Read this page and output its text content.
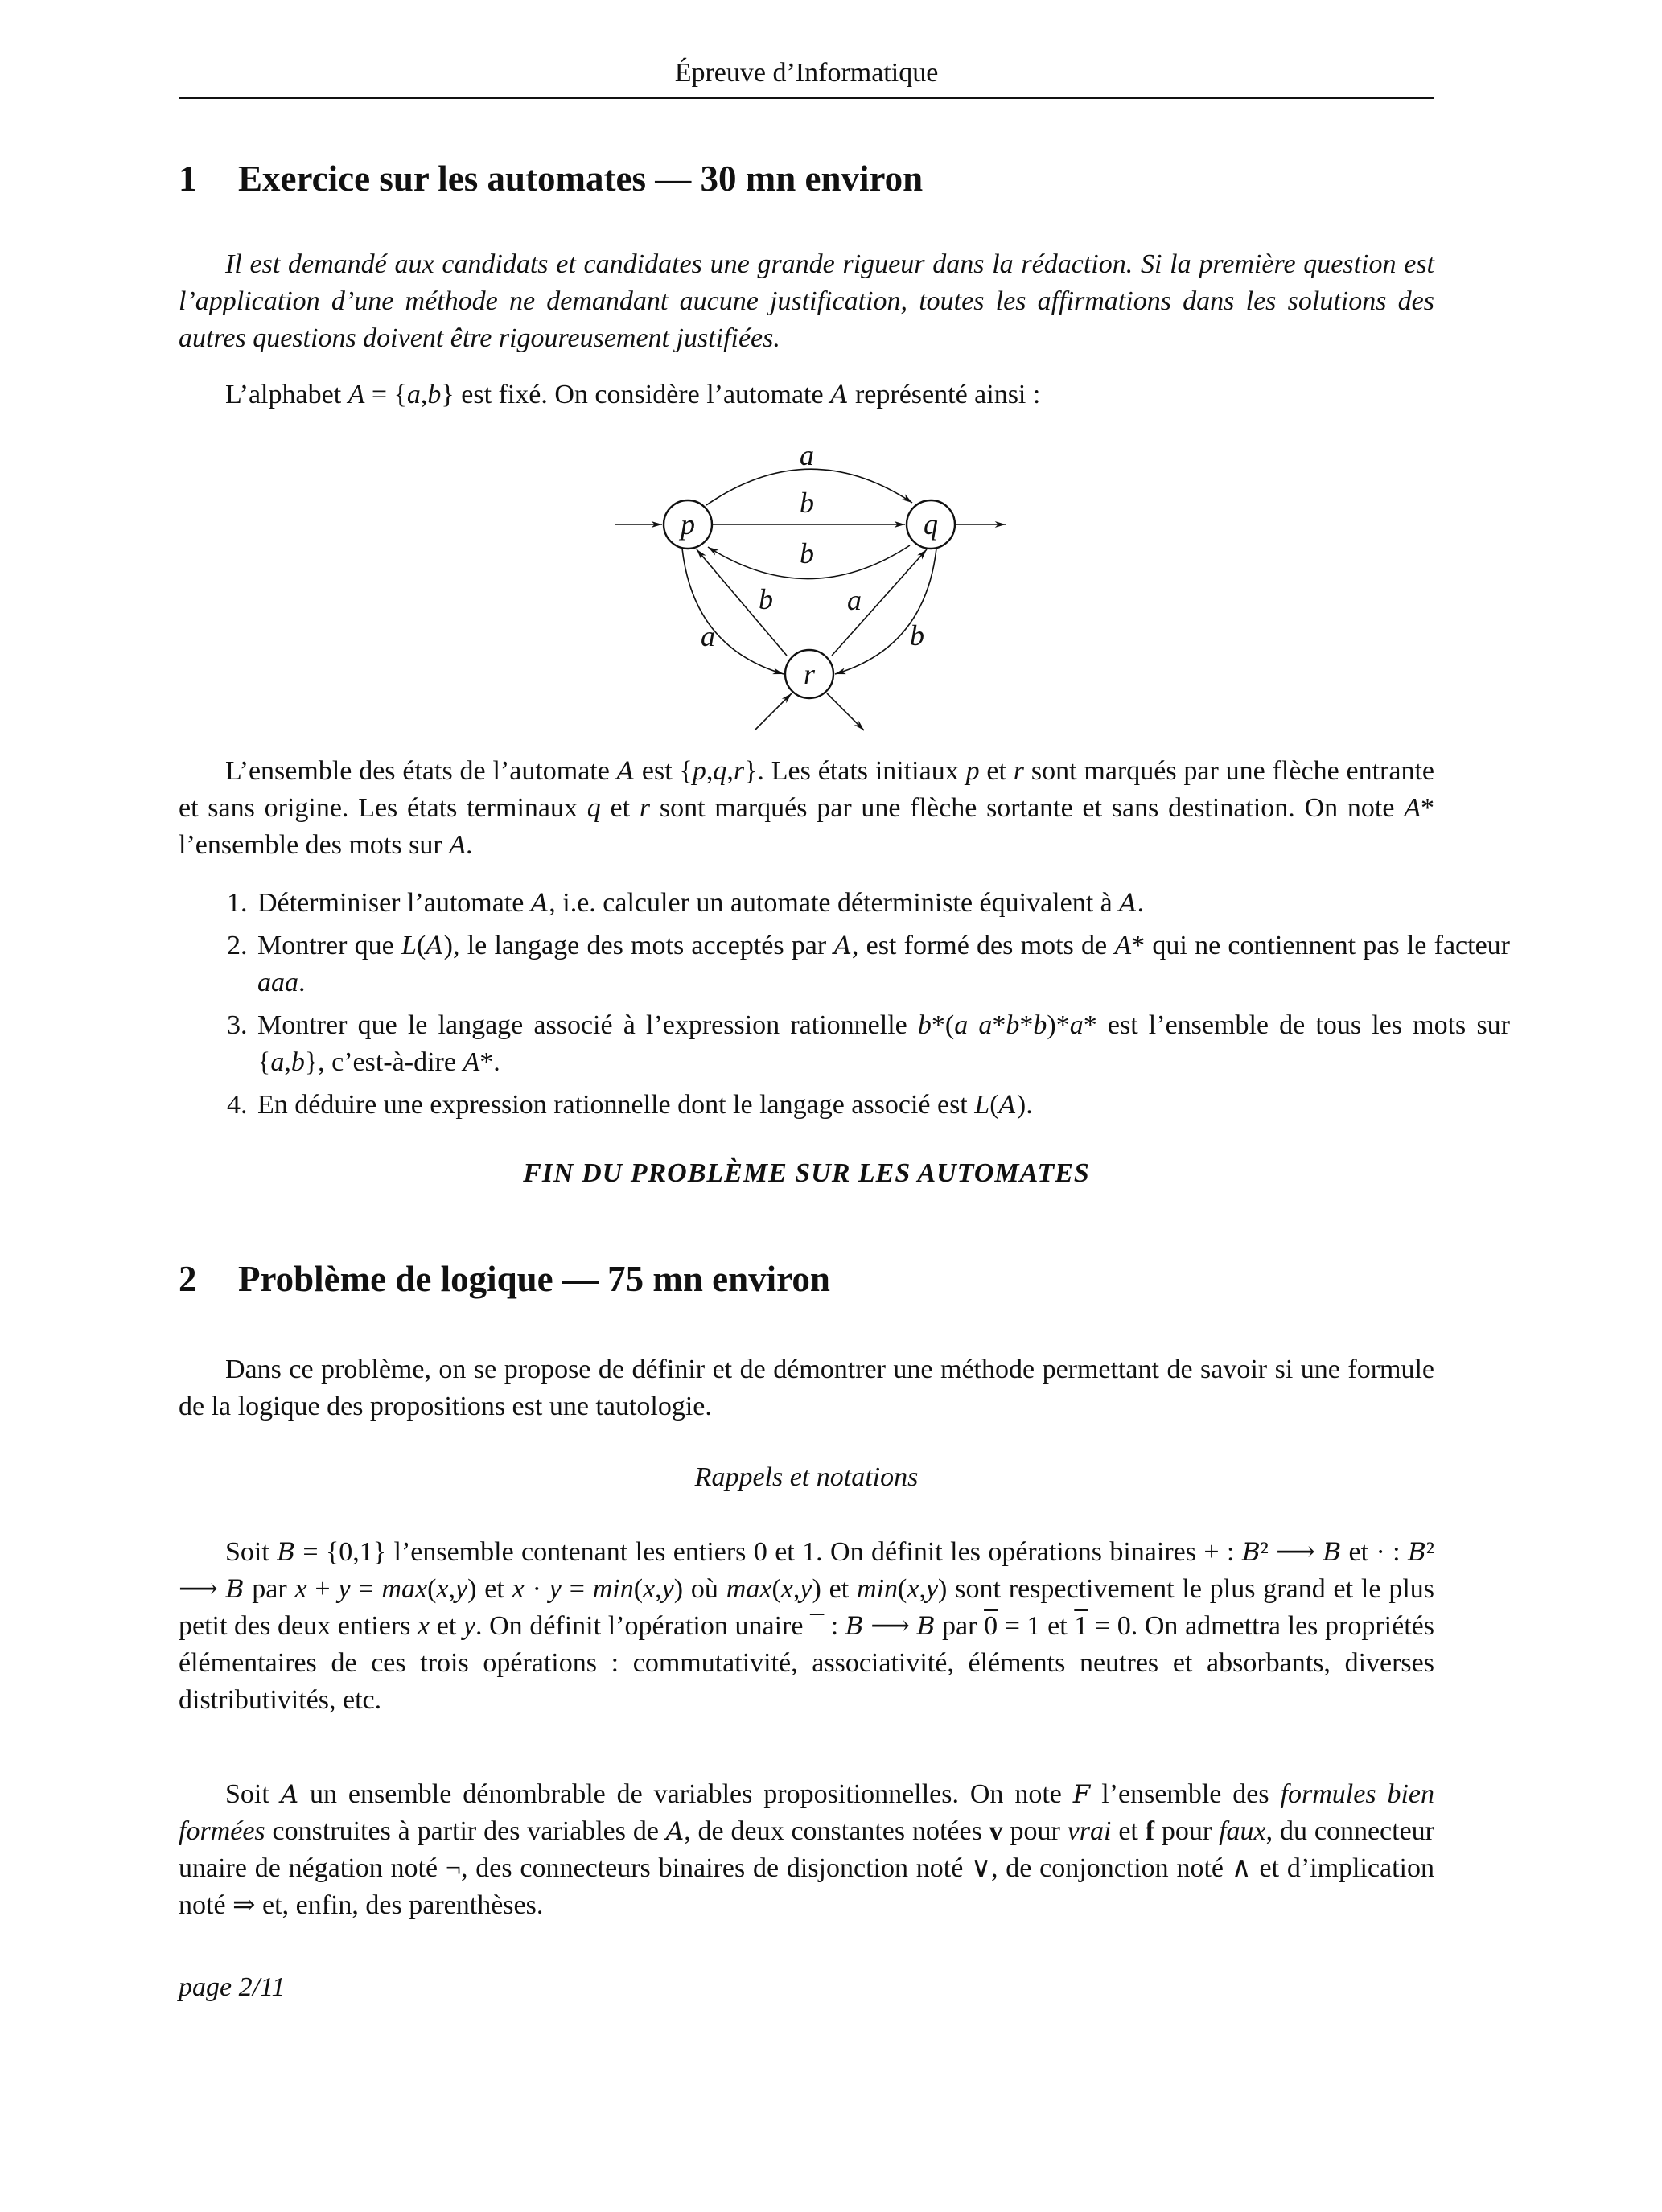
Épreuve d’Informatique
1 Exercice sur les automates — 30 mn environ

Il est demandé aux candidats et candidates une grande rigueur dans la rédaction. Si la première question est l’application d’une méthode ne demandant aucune justification, toutes les affirmations dans les solutions des autres questions doivent être rigoureusement justifiées.

L’alphabet A = {a,b} est fixé. On considère l’automate A représenté ainsi :

p	q
r
a
b
b
b	a
a	b

L’ensemble des états de l’automate A est {p,q,r}. Les états initiaux p et r sont marqués par une flèche entrante et sans origine. Les états terminaux q et r sont marqués par une flèche sortante et sans destination. On note A* l’ensemble des mots sur A.

1. Déterminiser l’automate A, i.e. calculer un automate déterministe équivalent à A.
2. Montrer que L(A), le langage des mots acceptés par A, est formé des mots de A* qui ne contiennent pas le facteur aaa.
3. Montrer que le langage associé à l’expression rationnelle b*(a a*b*b)*a* est l’ensemble de tous les mots sur {a,b}, c’est-à-dire A*.
4. En déduire une expression rationnelle dont le langage associé est L(A).
FIN DU PROBLÈME SUR LES AUTOMATES
2 Problème de logique — 75 mn environ

Dans ce problème, on se propose de définir et de démontrer une méthode permettant de savoir si une formule de la logique des propositions est une tautologie.

Rappels et notations

Soit B = {0,1} l’ensemble contenant les entiers 0 et 1. On définit les opérations binaires + : B² ⟶ B et · : B² ⟶ B par x + y = max(x,y) et x · y = min(x,y) où max(x,y) et min(x,y) sont respectivement le plus grand et le plus petit des deux entiers x et y. On définit l’opération unaire ¯ : B ⟶ B par 0 = 1 et 1 = 0. On admettra les propriétés élémentaires de ces trois opérations : commutativité, associativité, éléments neutres et absorbants, diverses distributivités, etc.

Soit A un ensemble dénombrable de variables propositionnelles. On note F l’ensemble des formules bien formées construites à partir des variables de A, de deux constantes notées v pour vrai et f pour faux, du connecteur unaire de négation noté ¬, des connecteurs binaires de disjonction noté ∨, de conjonction noté ∧ et d’implication noté ⇒ et, enfin, des parenthèses.

page 2/11
